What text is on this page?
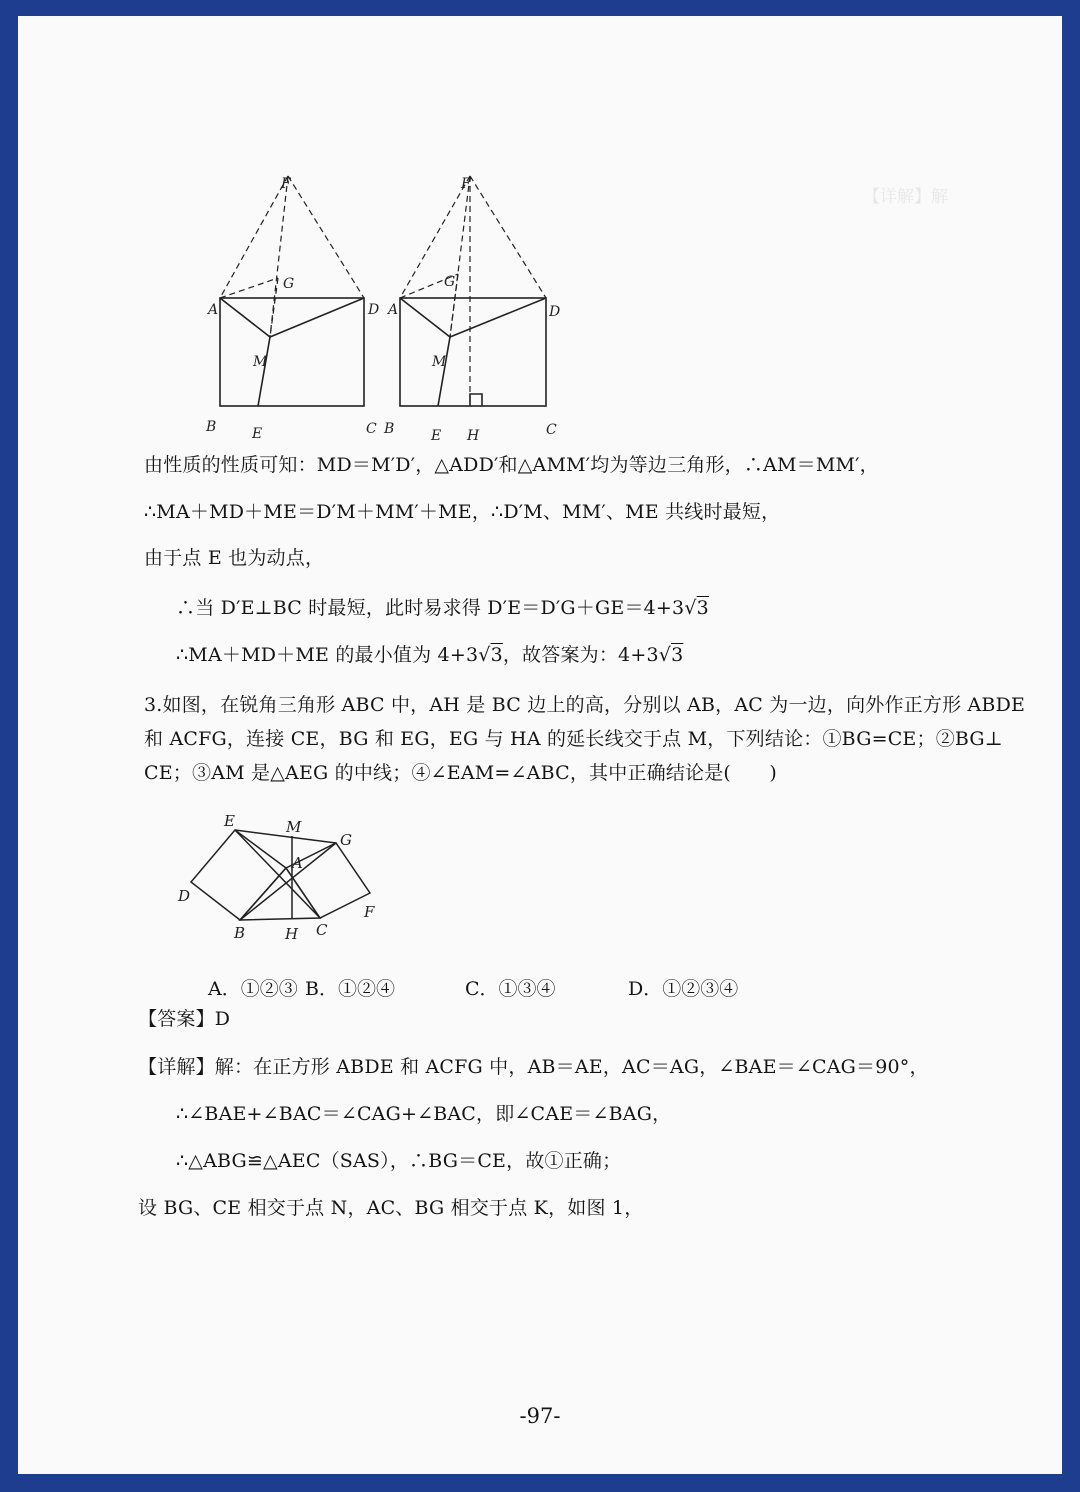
【详解】解
F
G
A	D
M
B	E	C
F
G
A	D
M
B	E H	C

由性质的性质可知：MD＝M′D′，△ADD′和△AMM′均为等边三角形，∴AM＝MM′，

∴MA＋MD＋ME＝D′M＋MM′＋ME，∴D′M、MM′、ME 共线时最短，

由于点 E 也为动点，

∴当 D′E⊥BC 时最短，此时易求得 D′E＝D′G＋GE＝4+3√3

∴MA＋MD＋ME 的最小值为 4+3√3，故答案为：4+3√3

3.如图，在锐角三角形 ABC 中，AH 是 BC 边上的高，分别以 AB，AC 为一边，向外作正方形 ABDE

和 ACFG，连接 CE，BG 和 EG，EG 与 HA 的延长线交于点 M，下列结论：①BG=CE；②BG⊥

CE；③AM 是△AEG 的中线；④∠EAM=∠ABC，其中正确结论是(　　)

E	M
G
A
D
F
B	H C
A．①②③ B．①②④	C．①③④	D．①②③④

【答案】D

【详解】解：在正方形 ABDE 和 ACFG 中，AB＝AE，AC＝AG，∠BAE＝∠CAG＝90°，

∴∠BAE+∠BAC＝∠CAG+∠BAC，即∠CAE＝∠BAG，

∴△ABG≌△AEC（SAS），∴BG＝CE，故①正确；

设 BG、CE 相交于点 N，AC、BG 相交于点 K，如图 1，

-97-
